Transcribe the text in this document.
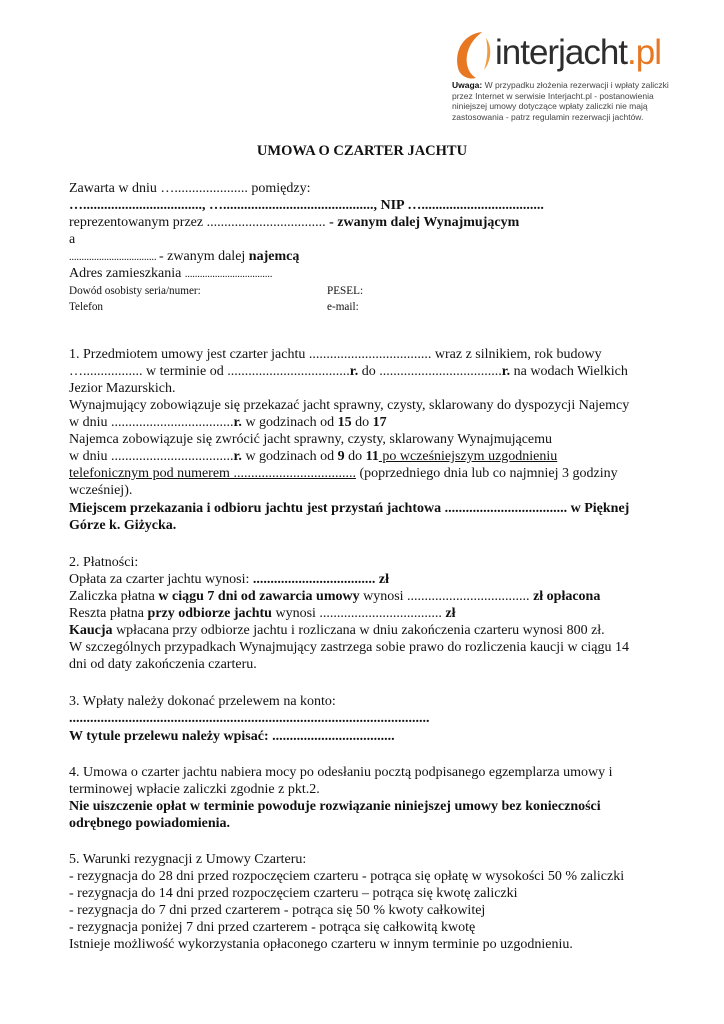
interjacht.pl
Uwaga: W przypadku złożenia rezerwacji i wpłaty zaliczki
przez Internet w serwisie Interjacht.pl - postanowienia
niniejszej umowy dotyczące wpłaty zaliczki nie mają
zastosowania - patrz regulamin rezerwacji jachtów.
UMOWA O CZARTER JACHTU
Zawarta w dniu …..................... pomiędzy:
….................................., …..........................................., NIP …...................................
reprezentowanym przez .................................. - zwanym dalej Wynajmującym
a
................................... - zwanym dalej najemcą
Adres zamieszkania ...................................
Dowód osobisty seria/numer:	PESEL:
Telefon	e-mail:
1. Przedmiotem umowy jest czarter jachtu ................................... wraz z silnikiem, rok budowy
…................. w terminie od ...................................r. do ...................................r. na wodach Wielkich
Jezior Mazurskich.
Wynajmujący zobowiązuje się przekazać jacht sprawny, czysty, sklarowany do dyspozycji Najemcy
w dniu ...................................r. w godzinach od 15 do 17
Najemca zobowiązuje się zwrócić jacht sprawny, czysty, sklarowany Wynajmującemu
w dniu ...................................r. w godzinach od 9 do 11 po wcześniejszym uzgodnieniu
telefonicznym pod numerem ................................... (poprzedniego dnia lub co najmniej 3 godziny
wcześniej).
Miejscem przekazania i odbioru jachtu jest przystań jachtowa ................................... w Pięknej
Górze k. Giżycka.
2. Płatności:
Opłata za czarter jachtu wynosi: ................................... zł
Zaliczka płatna w ciągu 7 dni od zawarcia umowy wynosi ................................... zł opłacona
Reszta płatna przy odbiorze jachtu wynosi ................................... zł
Kaucja wpłacana przy odbiorze jachtu i rozliczana w dniu zakończenia czarteru wynosi 800 zł.
W szczególnych przypadkach Wynajmujący zastrzega sobie prawo do rozliczenia kaucji w ciągu 14
dni od daty zakończenia czarteru.
3. Wpłaty należy dokonać przelewem na konto:
.......................................................................................................
W tytule przelewu należy wpisać: ...................................
4. Umowa o czarter jachtu nabiera mocy po odesłaniu pocztą podpisanego egzemplarza umowy i
terminowej wpłacie zaliczki zgodnie z pkt.2.
Nie uiszczenie opłat w terminie powoduje rozwiązanie niniejszej umowy bez konieczności
odrębnego powiadomienia.
5. Warunki rezygnacji z Umowy Czarteru:
- rezygnacja do 28 dni przed rozpoczęciem czarteru - potrąca się opłatę w wysokości 50 % zaliczki
- rezygnacja do 14 dni przed rozpoczęciem czarteru – potrąca się kwotę zaliczki
- rezygnacja do 7 dni przed czarterem - potrąca się 50 % kwoty całkowitej
- rezygnacja poniżej 7 dni przed czarterem - potrąca się całkowitą kwotę
Istnieje możliwość wykorzystania opłaconego czarteru w innym terminie po uzgodnieniu.
